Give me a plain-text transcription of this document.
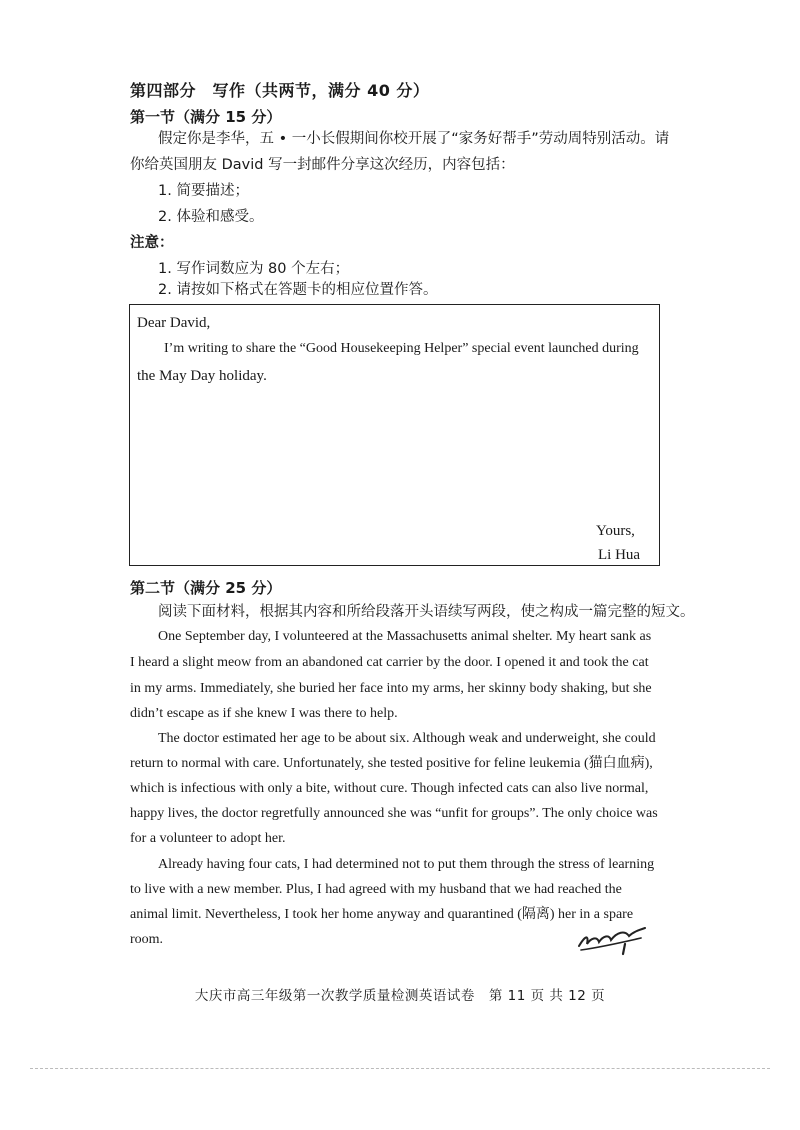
第四部分　写作（共两节，满分 40 分）
第一节（满分 15 分）
假定你是李华，五 • 一小长假期间你校开展了“家务好帮手”劳动周特别活动。请
你给英国朋友 David 写一封邮件分享这次经历，内容包括：
1. 简要描述；
2. 体验和感受。
注意：
1. 写作词数应为 80 个左右；
2. 请按如下格式在答题卡的相应位置作答。
Dear David,
I’m writing to share the “Good Housekeeping Helper” special event launched during
the May Day holiday.
Yours,
Li Hua
第二节（满分 25 分）
阅读下面材料，根据其内容和所给段落开头语续写两段，使之构成一篇完整的短文。
One September day, I volunteered at the Massachusetts animal shelter. My heart sank as
I heard a slight meow from an abandoned cat carrier by the door. I opened it and took the cat
in my arms. Immediately, she buried her face into my arms, her skinny body shaking, but she
didn’t escape as if she knew I was there to help.
The doctor estimated her age to be about six. Although weak and underweight, she could
return to normal with care. Unfortunately, she tested positive for feline leukemia (猫白血病),
which is infectious with only a bite, without cure. Though infected cats can also live normal,
happy lives, the doctor regretfully announced she was “unfit for groups”. The only choice was
for a volunteer to adopt her.
Already having four cats, I had determined not to put them through the stress of learning
to live with a new member. Plus, I had agreed with my husband that we had reached the
animal limit. Nevertheless, I took her home anyway and quarantined (隔离) her in a spare
room.
大庆市高三年级第一次教学质量检测英语试卷　第 11 页 共 12 页
